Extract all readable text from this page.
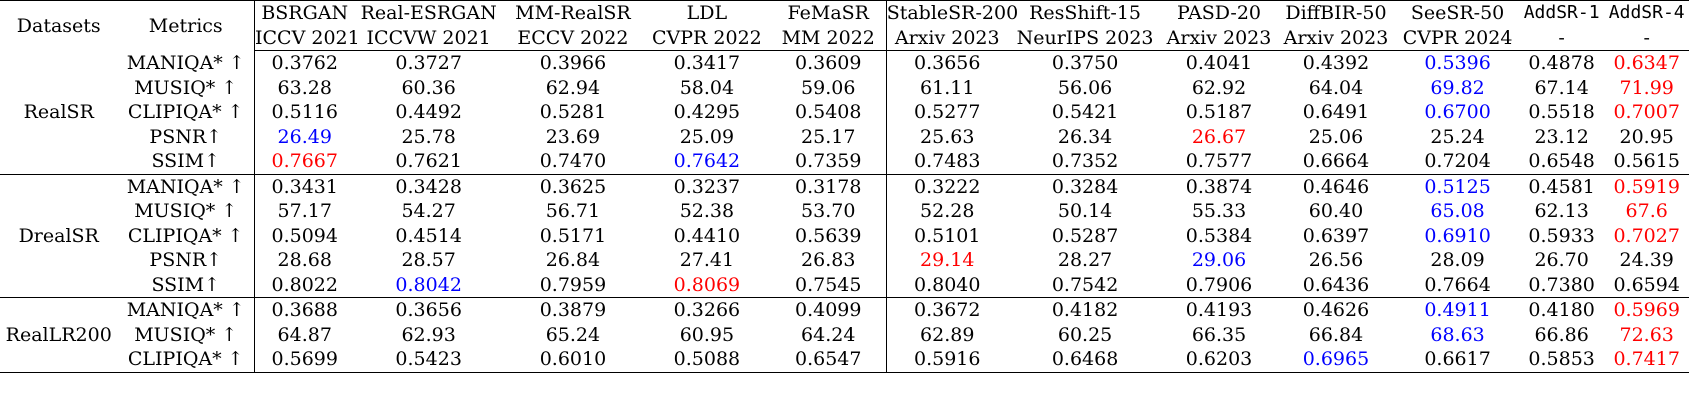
Datasets	Metrics	BSRGAN	Real-ESRGAN	MM-RealSR	LDL	FeMaSR	StableSR-200	ResShift-15	PASD-20	DiffBIR-50	SeeSR-50	AddSR-1	AddSR-4
		ICCV 2021	ICCVW 2021	ECCV 2022	CVPR 2022	MM 2022	Arxiv 2023	NeurIPS 2023	Arxiv 2023	Arxiv 2023	CVPR 2024	-	-
RealSR	MANIQA* ↑	0.3762	0.3727	0.3966	0.3417	0.3609	0.3656	0.3750	0.4041	0.4392	0.5396	0.4878	0.6347
	MUSIQ* ↑	63.28	60.36	62.94	58.04	59.06	61.11	56.06	62.92	64.04	69.82	67.14	71.99
	CLIPIQA* ↑	0.5116	0.4492	0.5281	0.4295	0.5408	0.5277	0.5421	0.5187	0.6491	0.6700	0.5518	0.7007
	PSNR↑	26.49	25.78	23.69	25.09	25.17	25.63	26.34	26.67	25.06	25.24	23.12	20.95
	SSIM↑	0.7667	0.7621	0.7470	0.7642	0.7359	0.7483	0.7352	0.7577	0.6664	0.7204	0.6548	0.5615
DrealSR	MANIQA* ↑	0.3431	0.3428	0.3625	0.3237	0.3178	0.3222	0.3284	0.3874	0.4646	0.5125	0.4581	0.5919
	MUSIQ* ↑	57.17	54.27	56.71	52.38	53.70	52.28	50.14	55.33	60.40	65.08	62.13	67.6
	CLIPIQA* ↑	0.5094	0.4514	0.5171	0.4410	0.5639	0.5101	0.5287	0.5384	0.6397	0.6910	0.5933	0.7027
	PSNR↑	28.68	28.57	26.84	27.41	26.83	29.14	28.27	29.06	26.56	28.09	26.70	24.39
	SSIM↑	0.8022	0.8042	0.7959	0.8069	0.7545	0.8040	0.7542	0.7906	0.6436	0.7664	0.7380	0.6594
RealLR200	MANIQA* ↑	0.3688	0.3656	0.3879	0.3266	0.4099	0.3672	0.4182	0.4193	0.4626	0.4911	0.4180	0.5969
	MUSIQ* ↑	64.87	62.93	65.24	60.95	64.24	62.89	60.25	66.35	66.84	68.63	66.86	72.63
	CLIPIQA* ↑	0.5699	0.5423	0.6010	0.5088	0.6547	0.5916	0.6468	0.6203	0.6965	0.6617	0.5853	0.7417
